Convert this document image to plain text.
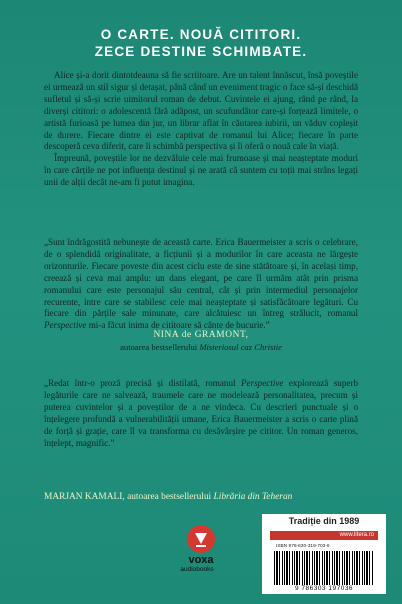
O CARTE. NOUĂ CITITORI.
ZECE DESTINE SCHIMBATE.

Alice și-a dorit dintotdeauna să fie scriitoare. Are un talent înnăscut, însă poveștile ei urmează un stil sigur și detașat, până când un eveniment tragic o face să-și deschidă sufletul și să-și scrie uimitorul roman de debut. Cuvintele ei ajung, rând pe rând, la diverși cititori: o adolescentă fără adăpost, un scufundător care-și forțează limitele, o artistă furioasă pe lumea din jur, un librar aflat în căutarea iubirii, un văduv copleșit de durere. Fiecare dintre ei este captivat de romanul lui Alice; fiecare în parte descoperă ceva diferit, care îi schimbă perspectiva și îi oferă o nouă cale în viață.

Împreună, poveștile lor ne dezvăluie cele mai frumoase și mai neașteptate moduri în care cărțile ne pot influența destinul și ne arată că suntem cu toții mai strâns legați unii de alții decât ne-am fi putut imagina.

„Sunt îndrăgostită nebunește de această carte. Erica Bauermeister a scris o celebrare, de o splendidă originalitate, a ficțiunii și a modurilor în care aceasta ne lărgește orizonturile. Fiecare poveste din acest ciclu este de sine stătătoare și, în același timp, creează și ceva mai amplu: un dans elegant, pe care îl urmăm atât prin prisma romanului care este personajul său central, cât și prin intermediul personajelor recurente, intre care se stabilesc cele mai neașteptate și satisfăcătoare legături. Cu fiecare din părțile sale minunate, care alcătuiesc un întreg strălucit, romanul Perspective mi-a făcut inima de cititoare să cânte de bucurie.”

NINA de GRAMONT,
autoarea bestsellerului Misteriosul caz Christie

„Redat într-o proză precisă și distilată, romanul Perspective explorează superb legăturile care ne salvează, traumele care ne modelează personalitatea, precum și puterea cuvintelor și a poveștilor de a ne vindeca. Cu descrieri punctuale și o înțelegere profundă a vulnerabilității umane, Erica Bauermeister a scris o carte plină de forță și grație, care îl va transforma cu desăvârșire pe cititor. Un roman generos, înțelept, magnific.”

MARJAN KAMALI, autoarea bestsellerului Librăria din Teheran
voxa
audiobooks
Tradiție din 1989
www.litera.ro
ISBN 978-630-319-703-6
9 786303 197036
